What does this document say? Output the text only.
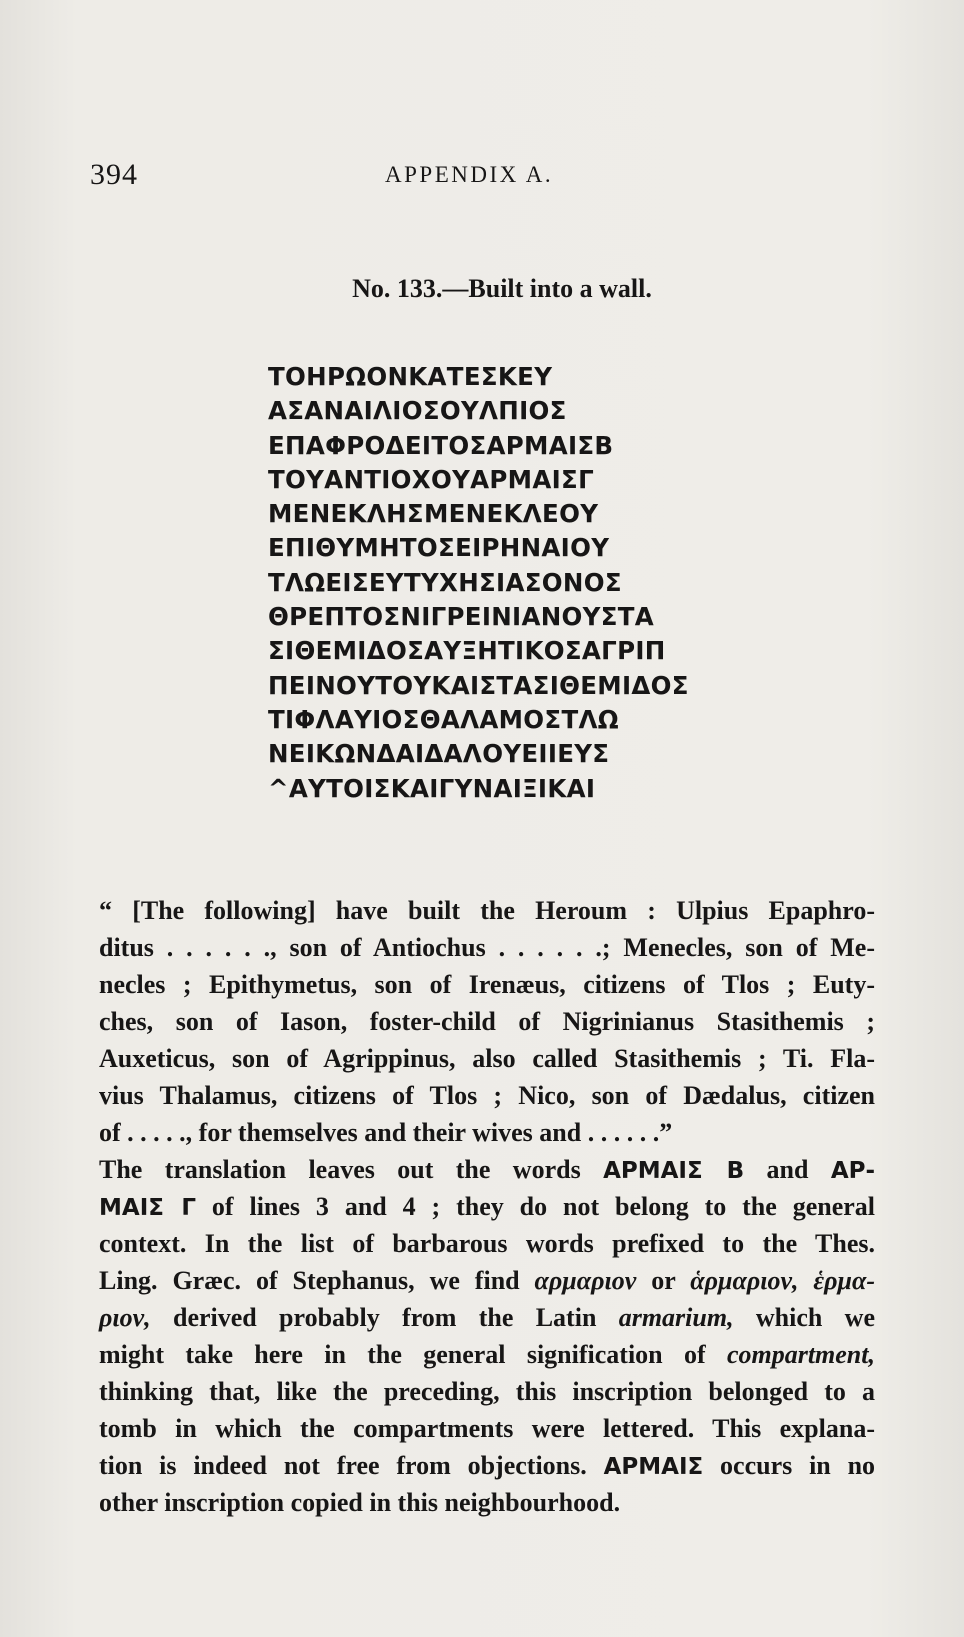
394	APPENDIX A.
No. 133.—Built into a wall.
ΤΟΗΡΩΟΝΚΑΤΕΣΚΕΥ
ΑΣΑΝΑΙΛΙΟΣΟΥΛΠΙΟΣ
ΕΠΑΦΡΟΔΕΙΤΟΣΑΡΜΑΙΣΒ
ΤΟΥΑΝΤΙΟΧΟΥΑΡΜΑΙΣΓ
ΜΕΝΕΚΛΗΣΜΕΝΕΚΛΕΟΥ
ΕΠΙΘΥΜΗΤΟΣΕΙΡΗΝΑΙΟΥ
ΤΛΩΕΙΣΕΥΤΥΧΗΣΙΑΣΟΝΟΣ
ΘΡΕΠΤΟΣΝΙΓΡΕΙΝΙΑΝΟΥΣΤΑ
ΣΙΘΕΜΙΔΟΣΑΥΞΗΤΙΚΟΣΑΓΡΙΠ
ΠΕΙΝΟΥΤΟΥΚΑΙΣΤΑΣΙΘΕΜΙΔΟΣ
ΤΙΦΛΑΥΙΟΣΘΑΛΑΜΟΣΤΛΩ
ΝΕΙΚΩΝΔΑΙΔΑΛΟΥΕΙΙΕΥΣ
^ΑΥΤΟΙΣΚΑΙΓΥΝΑΙΞΙΚΑΙ
“ [The following] have built the Heroum : Ulpius Epaphro-
ditus . . . . . ., son of Antiochus . . . . . .; Menecles, son of Me-
necles ; Epithymetus, son of Irenæus, citizens of Tlos ; Euty-
ches, son of Iason, foster-child of Nigrinianus Stasithemis ;
Auxeticus, son of Agrippinus, also called Stasithemis ; Ti. Fla-
vius Thalamus, citizens of Tlos ; Nico, son of Dædalus, citizen
of . . . . ., for themselves and their wives and . . . . . .”
The translation leaves out the words ΑΡΜΑΙΣ Β and ΑΡ-
ΜΑΙΣ Γ of lines 3 and 4 ; they do not belong to the general
context. In the list of barbarous words prefixed to the Thes.
Ling. Græc. of Stephanus, we find αρμαριον or ἁρμαριον, ἑρμα-
ριον, derived probably from the Latin armarium, which we
might take here in the general signification of compartment,
thinking that, like the preceding, this inscription belonged to a
tomb in which the compartments were lettered. This explana-
tion is indeed not free from objections. ΑΡΜΑΙΣ occurs in no
other inscription copied in this neighbourhood.
